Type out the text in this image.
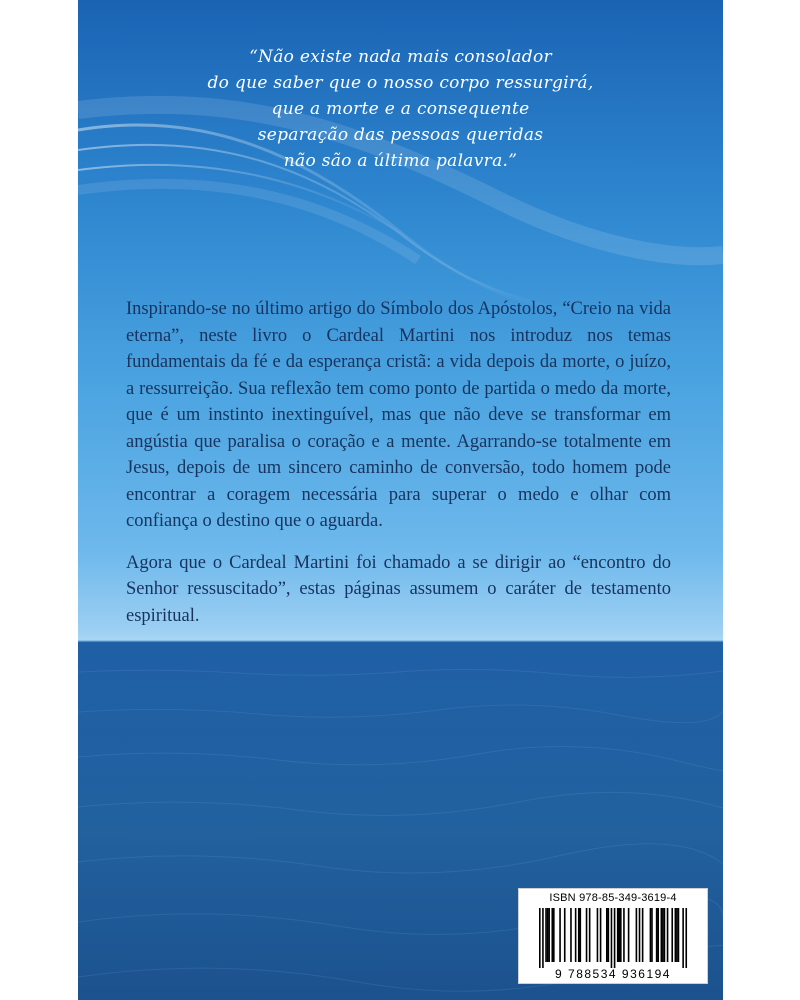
“Não existe nada mais consolador
do que saber que o nosso corpo ressurgirá,
que a morte e a consequente
separação das pessoas queridas
não são a última palavra.”

Inspirando-se no último artigo do Símbolo dos Apóstolos, “Creio na vida eterna”, neste livro o Cardeal Martini nos introduz nos temas fundamentais da fé e da esperança cristã: a vida depois da morte, o juízo, a ressurreição. Sua reflexão tem como ponto de partida o medo da morte, que é um instinto inextinguível, mas que não deve se transformar em angústia que paralisa o coração e a mente. Agarrando-se totalmente em Jesus, depois de um sincero caminho de conversão, todo homem pode encontrar a coragem necessária para superar o medo e olhar com confiança o destino que o aguarda.

Agora que o Cardeal Martini foi chamado a se dirigir ao “encontro do Senhor ressuscitado”, estas páginas assumem o caráter de testamento espiritual.

ISBN 978-85-349-3619-4
9 788534 936194
